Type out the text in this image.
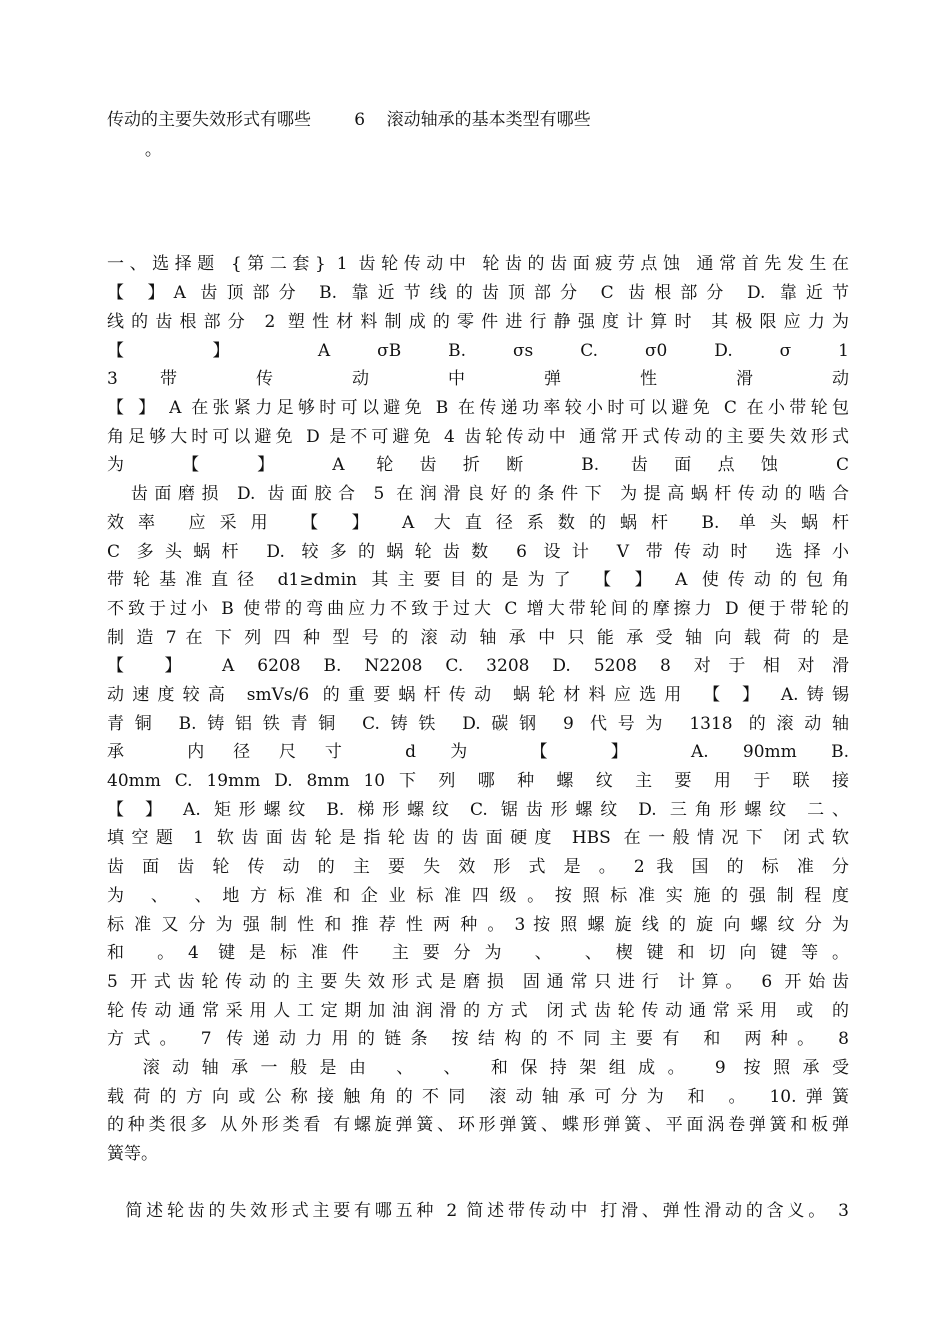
传动的主要失效形式有哪些        6    滚动轴承的基本类型有哪些
。
一、选择题 {第二套} 1 齿轮传动中 轮齿的齿面疲劳点蚀 通常首先发生在
【 】A 齿顶部分 B. 靠近节线的齿顶部分 C 齿根部分 D. 靠近节
线的齿根部分 2 塑性材料制成的零件进行静强度计算时 其极限应力为
【 】 A σB B. σs C. σ0 D. σ 1
3 带 传 动 中 弹 性 滑 动
【 】 A 在张紧力足够时可以避免 B 在传递功率较小时可以避免 C 在小带轮包
角足够大时可以避免 D 是不可避免 4 齿轮传动中 通常开式传动的主要失效形式
为 【 】 A 轮齿折断 B. 齿面点蚀 C
齿面磨损 D. 齿面胶合 5 在润滑良好的条件下 为提高蜗杆传动的啮合
效率 应采用 【 】 A 大直径系数的蜗杆 B. 单头蜗杆
C 多头蜗杆 D. 较多的蜗轮齿数 6 设计 V 带传动时 选择小
带轮基准直径 d1≥dmin 其主要目的是为了 【 】 A 使传动的包角
不致于过小 B 使带的弯曲应力不致于过大 C 增大带轮间的摩擦力 D 便于带轮的
制 造 7 在 下 列 四 种 型 号 的 滚 动 轴 承 中 只 能 承 受 轴 向 载 荷 的 是
【 】 A 6208 B. N2208 C. 3208 D. 5208 8 对于相对滑
动速度较高 smVs/6 的重要蜗杆传动 蜗轮材料应选用 【 】 A.铸锡
青铜 B.铸铝铁青铜 C.铸铁 D.碳钢 9 代号为 1318 的滚动轴
承 内径尺寸 d 为 【 】 A. 90mm B.
40mm C. 19mm D. 8mm 10 下 列 哪 种 螺 纹 主 要 用 于 联 接
【 】 A. 矩形螺纹 B. 梯形螺纹 C. 锯齿形螺纹 D. 三角形螺纹 二、
填空题 1 软齿面齿轮是指轮齿的齿面硬度 HBS 在一般情况下 闭式软
齿 面 齿 轮 传 动 的 主 要 失 效 形 式 是 。 2 我 国 的 标 准 分
为 、 、地方标准和企业标准四级。按照标准实施的强制程度
标 准 又 分 为 强 制 性 和 推 荐 性 两 种 。 3 按 照 螺 旋 线 的 旋 向 螺 纹 分 为
和 。4 键是标准件 主要分为 、 、楔键和切向键等。
5 开式齿轮传动的主要失效形式是磨损 固通常只进行 计算。 6 开始齿
轮传动通常采用人工定期加油润滑的方式 闭式齿轮传动通常采用 或 的
方式。 7 传递动力用的链条 按结构的不同主要有 和 两种。 8
滚动轴承一般是由 、 、 和保持架组成。 9 按照承受
载荷的方向或公称接触角的不同 滚动轴承可分为 和 。 10.弹簧
的种类很多 从外形类看 有螺旋弹簧、环形弹簧、蝶形弹簧、平面涡卷弹簧和板弹
簧等。
简述轮齿的失效形式主要有哪五种 2 简述带传动中 打滑、弹性滑动的含义。 3
